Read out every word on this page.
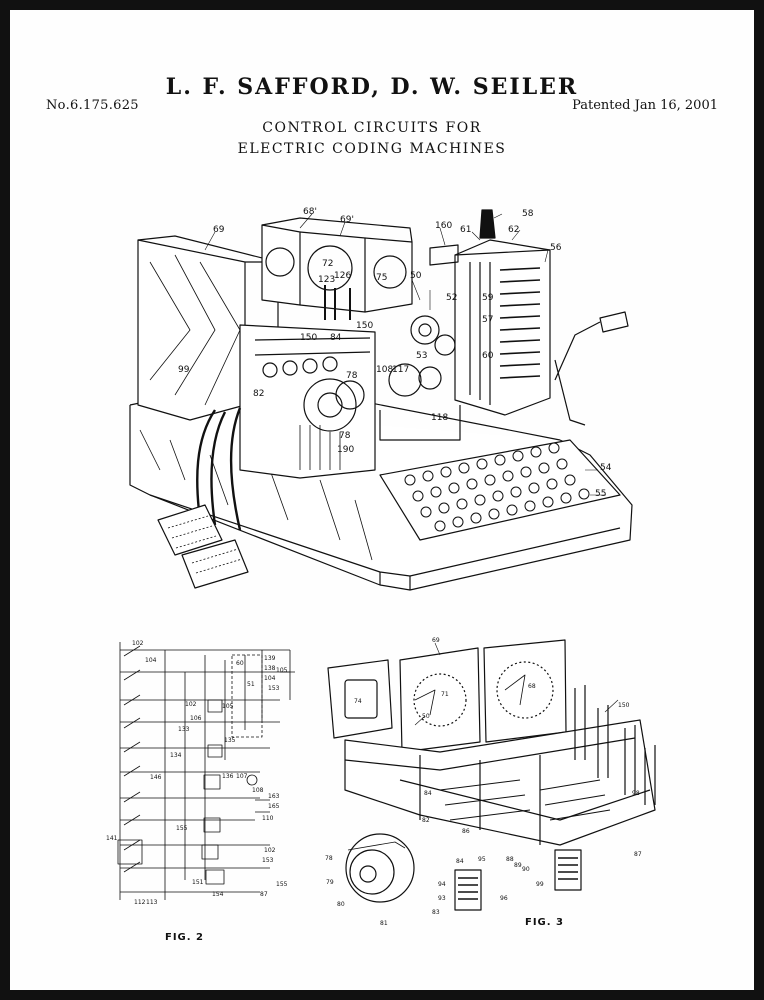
L. F. SAFFORD, D. W. SEILER
No.6.175.625	Patented Jan 16, 2001
CONTROL CIRCUITS FOR
ELECTRIC CODING MACHINES
FIG. 2
FIG. 3
69
68'
69'
160 61
58
62
56
72
126
123	75	50
52	59
57
60
53
150
84
150
99
82
78
108
117
78
190
118
54
55
102
60
139
138
104
105
51
153
104
102
133
106
105
134
135
146	136 107
108
163
165
155
110
141
151
112 113
102
153
154
155
87
69
74
71
68
150
50
84
86
82
98
78
79
80
81
94
93
83
84 95	88
89
90
99
87
96
